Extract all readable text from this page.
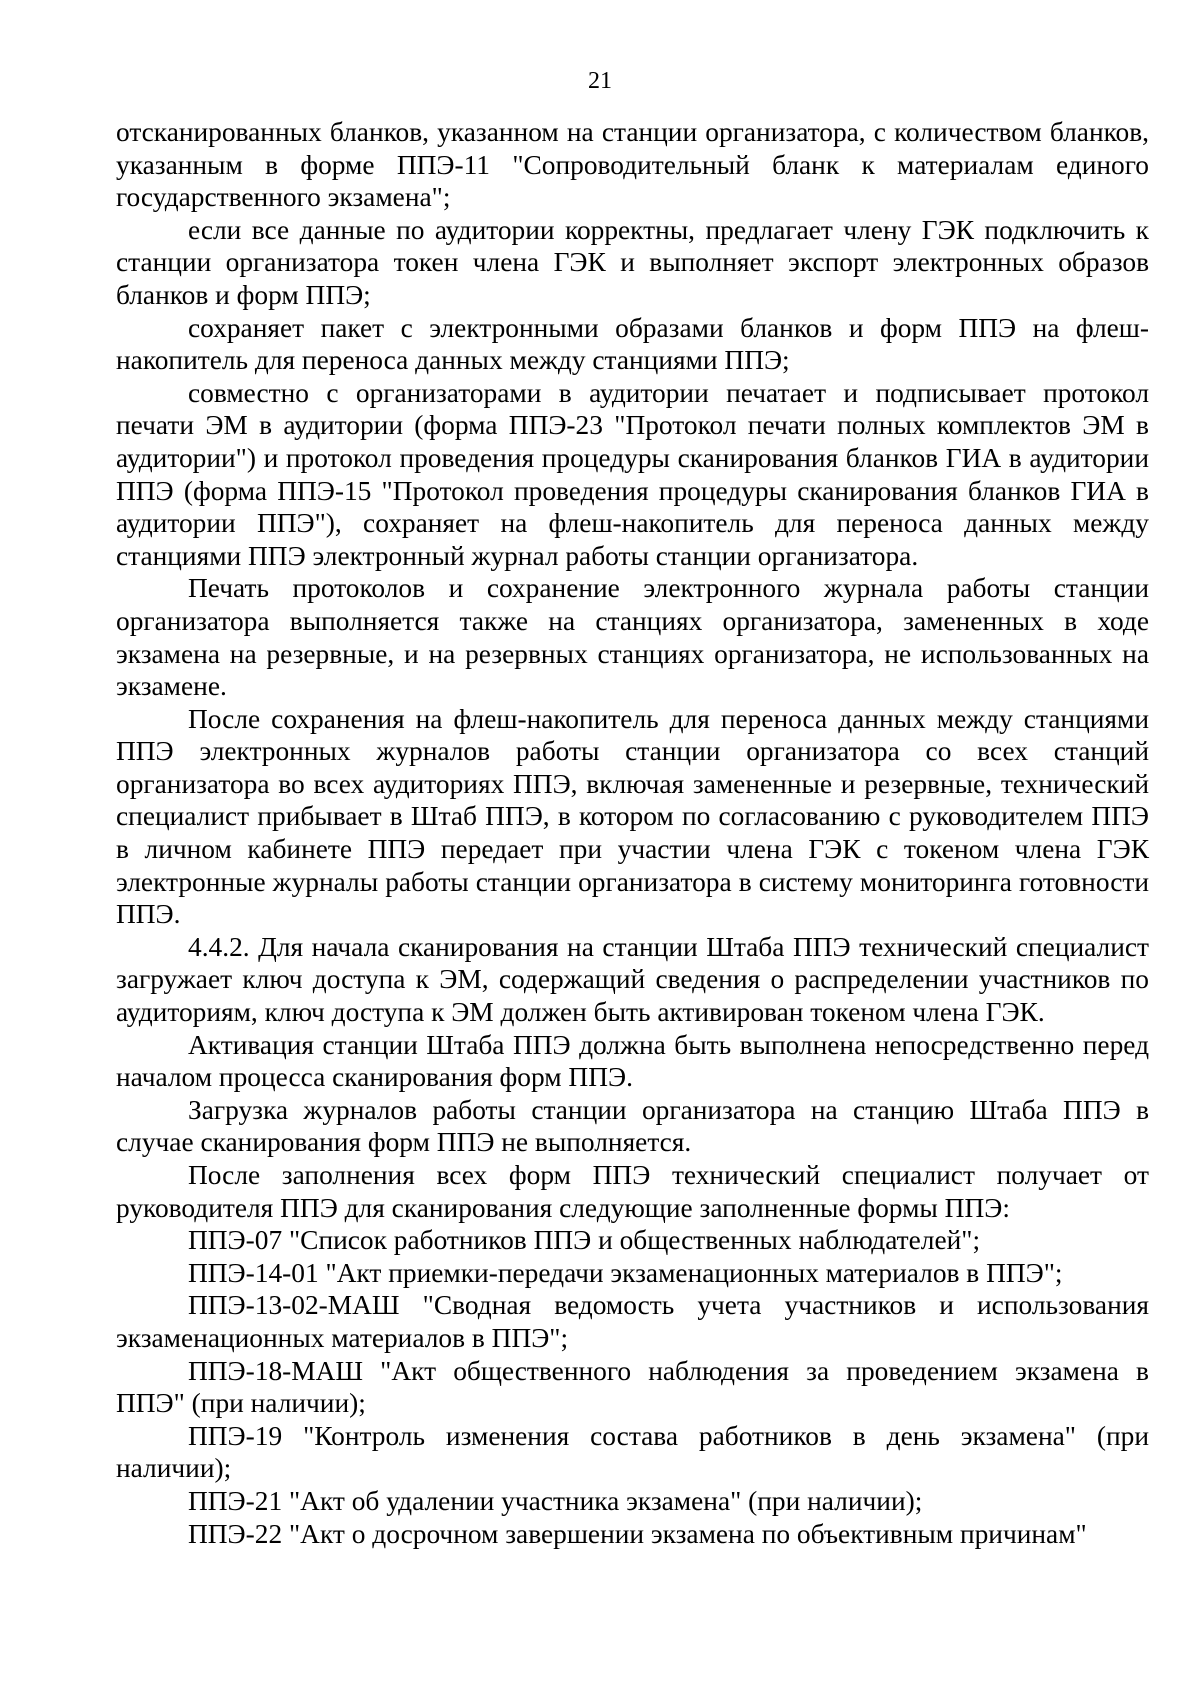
21

отсканированных бланков, указанном на станции организатора, с количеством бланков, указанным в форме ППЭ-11 "Сопроводительный бланк к материалам единого государственного экзамена";

если все данные по аудитории корректны, предлагает члену ГЭК подключить к станции организатора токен члена ГЭК и выполняет экспорт электронных образов бланков и форм ППЭ;

сохраняет пакет с электронными образами бланков и форм ППЭ на флеш-накопитель для переноса данных между станциями ППЭ;

совместно с организаторами в аудитории печатает и подписывает протокол печати ЭМ в аудитории (форма ППЭ-23 "Протокол печати полных комплектов ЭМ в аудитории") и протокол проведения процедуры сканирования бланков ГИА в аудитории ППЭ (форма ППЭ-15 "Протокол проведения процедуры сканирования бланков ГИА в аудитории ППЭ"), сохраняет на флеш-накопитель для переноса данных между станциями ППЭ электронный журнал работы станции организатора.

Печать протоколов и сохранение электронного журнала работы станции организатора выполняется также на станциях организатора, замененных в ходе экзамена на резервные, и на резервных станциях организатора, не использованных на экзамене.

После сохранения на флеш-накопитель для переноса данных между станциями ППЭ электронных журналов работы станции организатора со всех станций организатора во всех аудиториях ППЭ, включая замененные и резервные, технический специалист прибывает в Штаб ППЭ, в котором по согласованию с руководителем ППЭ в личном кабинете ППЭ передает при участии члена ГЭК с токеном члена ГЭК электронные журналы работы станции организатора в систему мониторинга готовности ППЭ.

4.4.2. Для начала сканирования на станции Штаба ППЭ технический специалист загружает ключ доступа к ЭМ, содержащий сведения о распределении участников по аудиториям, ключ доступа к ЭМ должен быть активирован токеном члена ГЭК.

Активация станции Штаба ППЭ должна быть выполнена непосредственно перед началом процесса сканирования форм ППЭ.

Загрузка журналов работы станции организатора на станцию Штаба ППЭ в случае сканирования форм ППЭ не выполняется.

После заполнения всех форм ППЭ технический специалист получает от руководителя ППЭ для сканирования следующие заполненные формы ППЭ:

ППЭ-07 "Список работников ППЭ и общественных наблюдателей";

ППЭ-14-01 "Акт приемки-передачи экзаменационных материалов в ППЭ";

ППЭ-13-02-МАШ "Сводная ведомость учета участников и использования экзаменационных материалов в ППЭ";

ППЭ-18-МАШ "Акт общественного наблюдения за проведением экзамена в ППЭ" (при наличии);

ППЭ-19 "Контроль изменения состава работников в день экзамена" (при наличии);

ППЭ-21 "Акт об удалении участника экзамена" (при наличии);

ППЭ-22 "Акт о досрочном завершении экзамена по объективным причинам"
